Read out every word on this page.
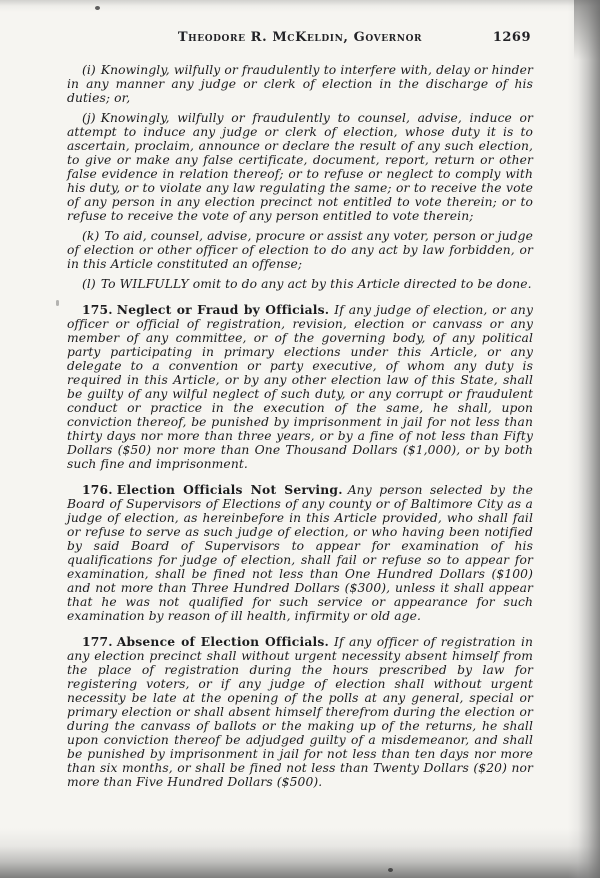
Theodore R. McKeldin, Governor	1269

(i) Knowingly, wilfully or fraudulently to interfere with, delay or hinder in any manner any judge or clerk of election in the discharge of his duties; or,

(j) Knowingly, wilfully or fraudulently to counsel, advise, induce or attempt to induce any judge or clerk of election, whose duty it is to ascertain, proclaim, announce or declare the result of any such election, to give or make any false certificate, document, report, return or other false evidence in relation thereof; or to refuse or neglect to comply with his duty, or to violate any law regulating the same; or to receive the vote of any person in any election precinct not entitled to vote therein; or to refuse to receive the vote of any person entitled to vote therein;

(k) To aid, counsel, advise, procure or assist any voter, person or judge of election or other officer of election to do any act by law forbidden, or in this Article constituted an offense;

(l) To WILFULLY omit to do any act by this Article directed to be done.

175. Neglect or Fraud by Officials. If any judge of election, or any officer or official of registration, revision, election or canvass or any member of any committee, or of the governing body, of any political party participating in primary elections under this Article, or any delegate to a convention or party executive, of whom any duty is required in this Article, or by any other election law of this State, shall be guilty of any wilful neglect of such duty, or any corrupt or fraudulent conduct or practice in the execution of the same, he shall, upon conviction thereof, be punished by imprisonment in jail for not less than thirty days nor more than three years, or by a fine of not less than Fifty Dollars ($50) nor more than One Thousand Dollars ($1,000), or by both such fine and imprisonment.

176. Election Officials Not Serving. Any person selected by the Board of Supervisors of Elections of any county or of Baltimore City as a judge of election, as hereinbefore in this Article provided, who shall fail or refuse to serve as such judge of election, or who having been notified by said Board of Supervisors to appear for examination of his qualifications for judge of election, shall fail or refuse so to appear for examination, shall be fined not less than One Hundred Dollars ($100) and not more than Three Hundred Dollars ($300), unless it shall appear that he was not qualified for such service or appearance for such examination by reason of ill health, infirmity or old age.

177. Absence of Election Officials. If any officer of registration in any election precinct shall without urgent necessity absent himself from the place of registration during the hours prescribed by law for registering voters, or if any judge of election shall without urgent necessity be late at the opening of the polls at any general, special or primary election or shall absent himself therefrom during the election or during the canvass of ballots or the making up of the returns, he shall upon conviction thereof be adjudged guilty of a misdemeanor, and shall be punished by imprisonment in jail for not less than ten days nor more than six months, or shall be fined not less than Twenty Dollars ($20) nor more than Five Hundred Dollars ($500).
